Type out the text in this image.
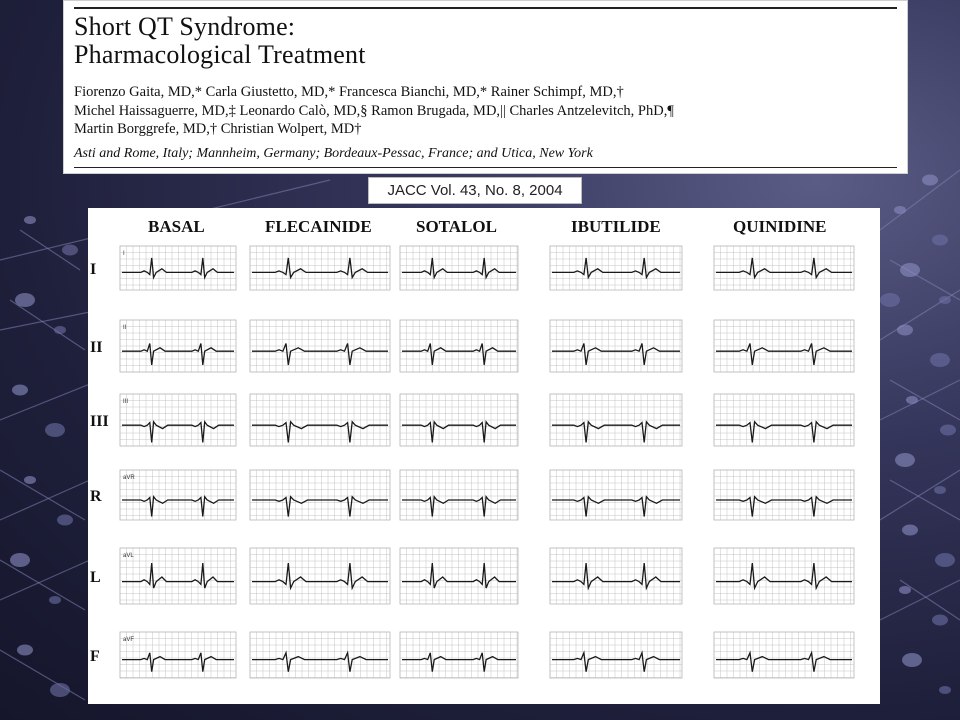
Short QT Syndrome:
Pharmacological Treatment
Fiorenzo Gaita, MD,* Carla Giustetto, MD,* Francesca Bianchi, MD,* Rainer Schimpf, MD,†
Michel Haissaguerre, MD,‡ Leonardo Calò, MD,§ Ramon Brugada, MD,|| Charles Antzelevitch, PhD,¶
Martin Borggrefe, MD,† Christian Wolpert, MD†
Asti and Rome, Italy; Mannheim, Germany; Bordeaux-Pessac, France; and Utica, New York
JACC Vol. 43, No. 8, 2004
BASAL	FLECAINIDE	SOTALOL	IBUTILIDE	QUINIDINE
I
II
III
R
L
F
I
II
III
aVR
aVL
aVF
